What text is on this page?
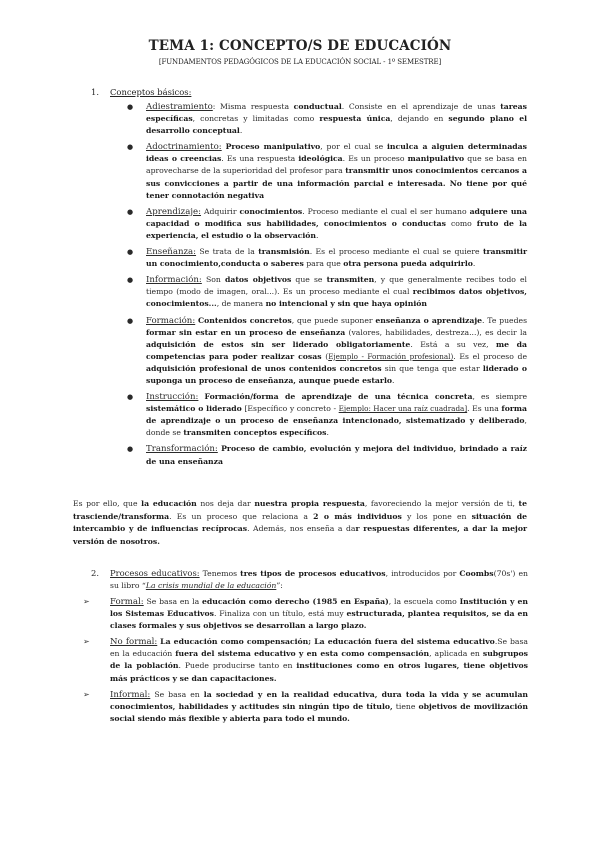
TEMA 1: CONCEPTO/S DE EDUCACIÓN
[FUNDAMENTOS PEDAGÓGICOS DE LA EDUCACIÓN SOCIAL - 1º SEMESTRE]
1. Conceptos básicos:
● Adiestramiento: Misma respuesta conductual. Consiste en el aprendizaje de unas tareas específicas, concretas y limitadas como respuesta única, dejando en segundo plano el desarrollo conceptual.
● Adoctrinamiento: Proceso manipulativo, por el cual se inculca a alguien determinadas ideas o creencias. Es una respuesta ideológica. Es un proceso manipulativo que se basa en aprovecharse de la superioridad del profesor para transmitir unos conocimientos cercanos a sus convicciones a partir de una información parcial e interesada. No tiene por qué tener connotación negativa
● Aprendizaje: Adquirir conocimientos. Proceso mediante el cual el ser humano adquiere una capacidad o modifica sus habilidades, conocimientos o conductas como fruto de la experiencia, el estudio o la observación.
● Enseñanza: Se trata de la transmisión. Es el proceso mediante el cual se quiere transmitir un conocimiento,conducta o saberes para que otra persona pueda adquirirlo.
● Información: Son datos objetivos que se transmiten, y que generalmente recibes todo el tiempo (modo de imagen, oral...). Es un proceso mediante el cual recibimos datos objetivos, conocimientos..., de manera no intencional y sin que haya opinión
● Formación: Contenidos concretos, que puede suponer enseñanza o aprendizaje. Te puedes formar sin estar en un proceso de enseñanza (valores, habilidades, destreza...), es decir la adquisición de estos sin ser liderado obligatoriamente. Está a su vez, me da competencias para poder realizar cosas (Ejemplo - Formación profesional). Es el proceso de adquisición profesional de unos contenidos concretos sin que tenga que estar liderado o suponga un proceso de enseñanza, aunque puede estarlo.
● Instrucción: Formación/forma de aprendizaje de una técnica concreta, es siempre sistemático o liderado [Específico y concreto - Ejemplo: Hacer una raíz cuadrada]. Es una forma de aprendizaje o un proceso de enseñanza intencionado, sistematizado y deliberado, donde se transmiten conceptos específicos.
● Transformación: Proceso de cambio, evolución y mejora del individuo, brindado a raíz de una enseñanza
Es por ello, que la educación nos deja dar nuestra propia respuesta, favoreciendo la mejor versión de ti, te trasciende/transforma. Es un proceso que relaciona a 2 o más individuos y los pone en situación de intercambio y de influencias recíprocas. Además, nos enseña a dar respuestas diferentes, a dar la mejor versión de nosotros.
2. Procesos educativos: Tenemos tres tipos de procesos educativos, introducidos por Coombs(70s') en su libro “La crisis mundial de la educación”:
➢ Formal: Se basa en la educación como derecho (1985 en España), la escuela como Institución y en los Sistemas Educativos. Finaliza con un título, está muy estructurada, plantea requisitos, se da en clases formales y sus objetivos se desarrollan a largo plazo.
➢ No formal: La educación como compensación; La educación fuera del sistema educativo.Se basa en la educación fuera del sistema educativo y en esta como compensación, aplicada en subgrupos de la población. Puede producirse tanto en instituciones como en otros lugares, tiene objetivos más prácticos y se dan capacitaciones.
➢ Informal: Se basa en la sociedad y en la realidad educativa, dura toda la vida y se acumulan conocimientos, habilidades y actitudes sin ningún tipo de título, tiene objetivos de movilización social siendo más flexible y abierta para todo el mundo.
